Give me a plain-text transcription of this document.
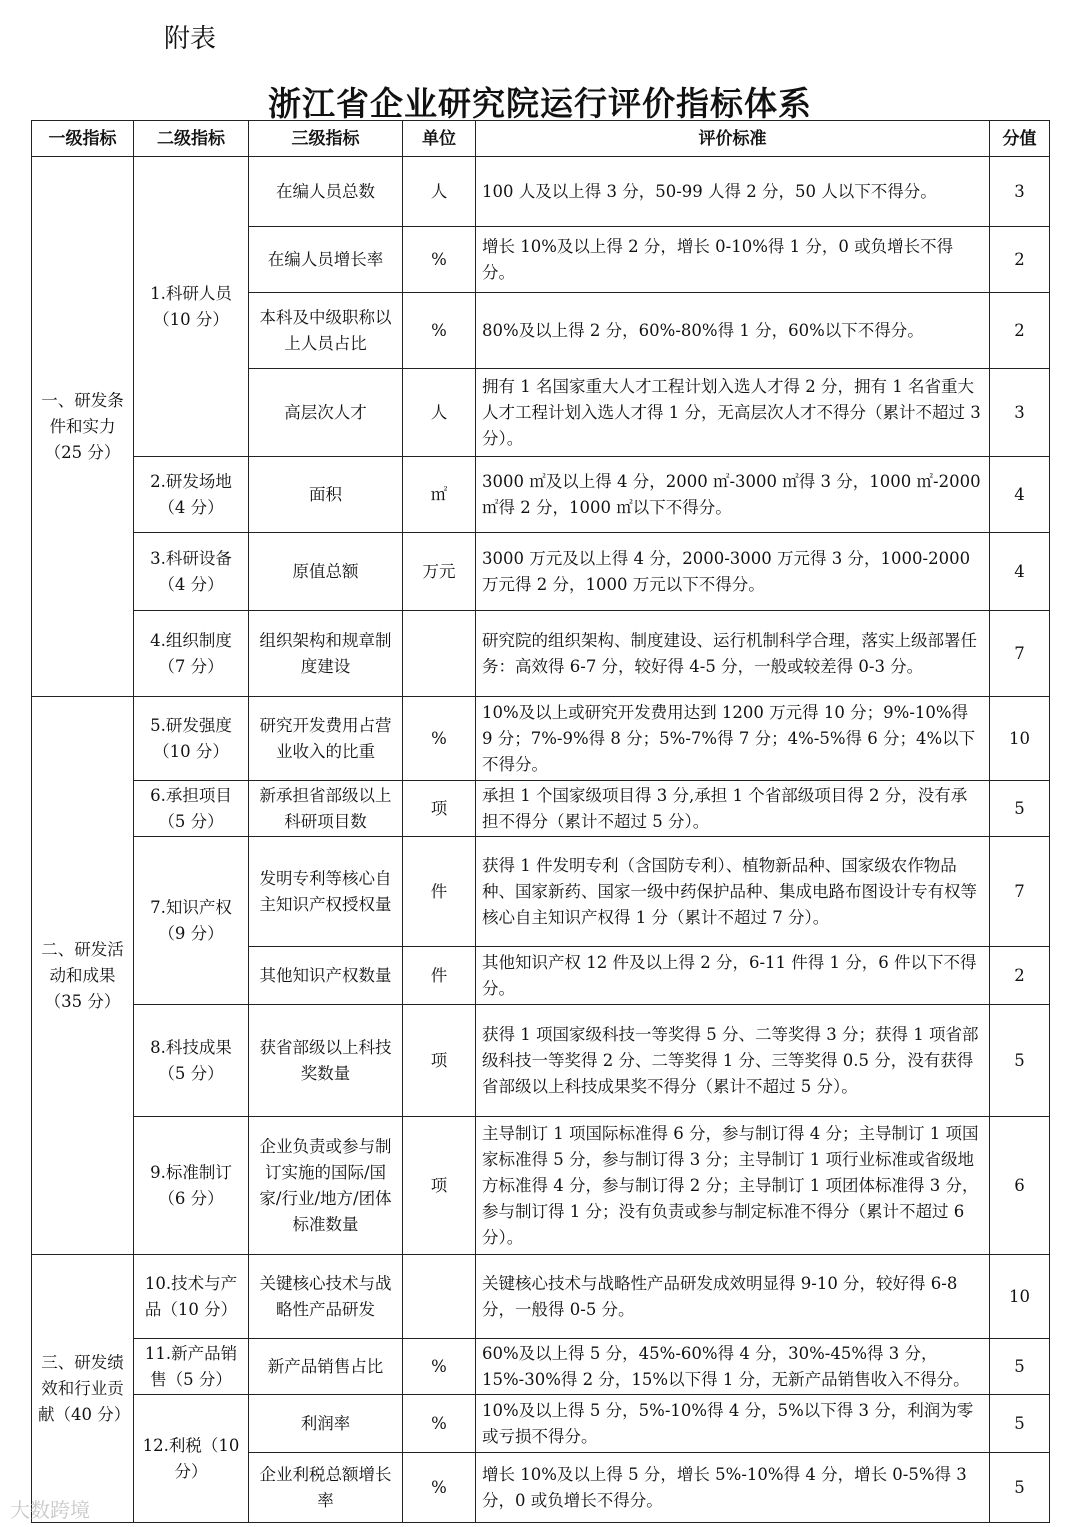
附表
浙江省企业研究院运行评价指标体系
一级指标	二级指标	三级指标	单位	评价标准	分值
一、研发条件和实力（25 分）	1.科研人员（10 分）	在编人员总数	人	100 人及以上得 3 分，50-99 人得 2 分，50 人以下不得分。	3
		在编人员增长率	%	增长 10%及以上得 2 分，增长 0-10%得 1 分，0 或负增长不得分。	2
		本科及中级职称以上人员占比	%	80%及以上得 2 分，60%-80%得 1 分，60%以下不得分。	2
		高层次人才	人	拥有 1 名国家重大人才工程计划入选人才得 2 分，拥有 1 名省重大人才工程计划入选人才得 1 分，无高层次人才不得分（累计不超过 3 分）。	3
	2.研发场地（4 分）	面积	㎡	3000 ㎡及以上得 4 分，2000 ㎡-3000 ㎡得 3 分，1000 ㎡-2000 ㎡得 2 分，1000 ㎡以下不得分。	4
	3.科研设备（4 分）	原值总额	万元	3000 万元及以上得 4 分，2000-3000 万元得 3 分，1000-2000 万元得 2 分，1000 万元以下不得分。	4
	4.组织制度（7 分）	组织架构和规章制度建设		研究院的组织架构、制度建设、运行机制科学合理，落实上级部署任务：高效得 6-7 分，较好得 4-5 分，一般或较差得 0-3 分。	7
二、研发活动和成果（35 分）	5.研发强度（10 分）	研究开发费用占营业收入的比重	%	10%及以上或研究开发费用达到 1200 万元得 10 分；9%-10%得 9 分；7%-9%得 8 分；5%-7%得 7 分；4%-5%得 6 分；4%以下不得分。	10
	6.承担项目（5 分）	新承担省部级以上科研项目数	项	承担 1 个国家级项目得 3 分,承担 1 个省部级项目得 2 分，没有承担不得分（累计不超过 5 分）。	5
	7.知识产权（9 分）	发明专利等核心自主知识产权授权量	件	获得 1 件发明专利（含国防专利）、植物新品种、国家级农作物品种、国家新药、国家一级中药保护品种、集成电路布图设计专有权等核心自主知识产权得 1 分（累计不超过 7 分）。	7
		其他知识产权数量	件	其他知识产权 12 件及以上得 2 分，6-11 件得 1 分，6 件以下不得分。	2
	8.科技成果（5 分）	获省部级以上科技奖数量	项	获得 1 项国家级科技一等奖得 5 分、二等奖得 3 分；获得 1 项省部级科技一等奖得 2 分、二等奖得 1 分、三等奖得 0.5 分，没有获得省部级以上科技成果奖不得分（累计不超过 5 分）。	5
	9.标准制订（6 分）	企业负责或参与制订实施的国际/国家/行业/地方/团体标准数量	项	主导制订 1 项国际标准得 6 分，参与制订得 4 分；主导制订 1 项国家标准得 5 分，参与制订得 3 分；主导制订 1 项行业标准或省级地方标准得 4 分，参与制订得 2 分；主导制订 1 项团体标准得 3 分，参与制订得 1 分；没有负责或参与制定标准不得分（累计不超过 6 分）。	6
三、研发绩效和行业贡献（40 分）	10.技术与产品（10 分）	关键核心技术与战略性产品研发		关键核心技术与战略性产品研发成效明显得 9-10 分，较好得 6-8 分，一般得 0-5 分。	10
	11.新产品销售（5 分）	新产品销售占比	%	60%及以上得 5 分，45%-60%得 4 分，30%-45%得 3 分，15%-30%得 2 分，15%以下得 1 分，无新产品销售收入不得分。	5
	12.利税（10 分）	利润率	%	10%及以上得 5 分，5%-10%得 4 分，5%以下得 3 分，利润为零或亏损不得分。	5
		企业利税总额增长率	%	增长 10%及以上得 5 分，增长 5%-10%得 4 分，增长 0-5%得 3 分，0 或负增长不得分。	5
大数跨境
